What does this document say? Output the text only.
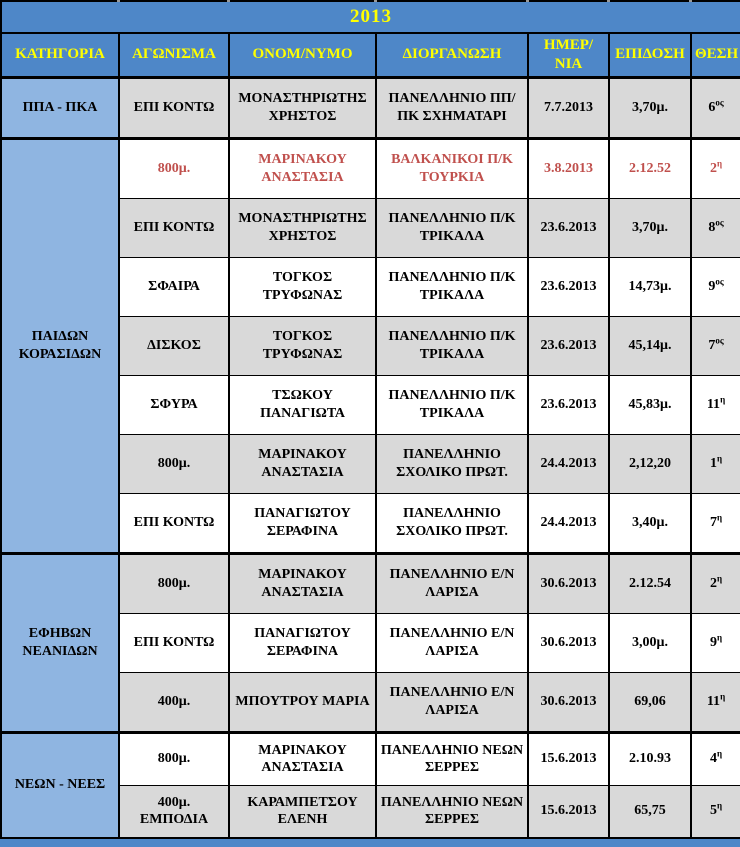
2013						
ΚΑΤΗΓΟΡΙΑ	ΑΓΩΝΙΣΜΑ	ΟΝΟΜ/ΝΥΜΟ	ΔΙΟΡΓΑΝΩΣΗ	ΗΜΕΡ/ΝΙΑ	ΕΠΙΔΟΣΗ	ΘΕΣΗ
ΠΠΑ - ΠΚΑ	ΕΠΙ ΚΟΝΤΩ	ΜΟΝΑΣΤΗΡΙΩΤΗΣ ΧΡΗΣΤΟΣ	ΠΑΝΕΛΛΗΝΙΟ ΠΠ/ΠΚ ΣΧΗΜΑΤΑΡΙ	7.7.2013	3,70μ.	$6^{o\varsigma}$
ΠΑΙΔΩΝ ΚΟΡΑΣΙΔΩΝ	800μ.	ΜΑΡΙΝΑΚΟΥ ΑΝΑΣΤΑΣΙΑ	ΒΑΛΚΑΝΙΚΟΙ Π/Κ ΤΟΥΡΚΙΑ	3.8.2013	2.12.52	$2^\eta$
	ΕΠΙ ΚΟΝΤΩ	ΜΟΝΑΣΤΗΡΙΩΤΗΣ ΧΡΗΣΤΟΣ	ΠΑΝΕΛΛΗΝΙΟ Π/Κ ΤΡΙΚΑΛΑ	23.6.2013	3,70μ.	$8^{o\varsigma}$
	ΣΦΑΙΡΑ	ΤΟΓΚΟΣ ΤΡΥΦΩΝΑΣ	ΠΑΝΕΛΛΗΝΙΟ Π/Κ ΤΡΙΚΑΛΑ	23.6.2013	14,73μ.	$9^{o\varsigma}$
	ΔΙΣΚΟΣ	ΤΟΓΚΟΣ ΤΡΥΦΩΝΑΣ	ΠΑΝΕΛΛΗΝΙΟ Π/Κ ΤΡΙΚΑΛΑ	23.6.2013	45,14μ.	$7^{o\varsigma}$
	ΣΦΥΡΑ	ΤΣΩΚΟΥ ΠΑΝΑΓΙΩΤΑ	ΠΑΝΕΛΛΗΝΙΟ Π/Κ ΤΡΙΚΑΛΑ	23.6.2013	45,83μ.	$11^\eta$
	800μ.	ΜΑΡΙΝΑΚΟΥ ΑΝΑΣΤΑΣΙΑ	ΠΑΝΕΛΛΗΝΙΟ ΣΧΟΛΙΚΟ ΠΡΩΤ.	24.4.2013	2,12,20	$1^\eta$
	ΕΠΙ ΚΟΝΤΩ	ΠΑΝΑΓΙΩΤΟΥ ΣΕΡΑΦΙΝΑ	ΠΑΝΕΛΛΗΝΙΟ ΣΧΟΛΙΚΟ ΠΡΩΤ.	24.4.2013	3,40μ.	$7^\eta$
ΕΦΗΒΩΝ ΝΕΑΝΙΔΩΝ	800μ.	ΜΑΡΙΝΑΚΟΥ ΑΝΑΣΤΑΣΙΑ	ΠΑΝΕΛΛΗΝΙΟ Ε/Ν ΛΑΡΙΣΑ	30.6.2013	2.12.54	$2^\eta$
	ΕΠΙ ΚΟΝΤΩ	ΠΑΝΑΓΙΩΤΟΥ ΣΕΡΑΦΙΝΑ	ΠΑΝΕΛΛΗΝΙΟ Ε/Ν ΛΑΡΙΣΑ	30.6.2013	3,00μ.	$9^\eta$
	400μ.	ΜΠΟΥΤΡΟΥ ΜΑΡΙΑ	ΠΑΝΕΛΛΗΝΙΟ Ε/Ν ΛΑΡΙΣΑ	30.6.2013	69,06	$11^\eta$
ΝΕΩΝ - ΝΕΕΣ	800μ.	ΜΑΡΙΝΑΚΟΥ ΑΝΑΣΤΑΣΙΑ	ΠΑΝΕΛΛΗΝΙΟ ΝΕΩΝ ΣΕΡΡΕΣ	15.6.2013	2.10.93	$4^\eta$
	400μ. ΕΜΠΟΔΙΑ	ΚΑΡΑΜΠΕΤΣΟΥ ΕΛΕΝΗ	ΠΑΝΕΛΛΗΝΙΟ ΝΕΩΝ ΣΕΡΡΕΣ	15.6.2013	65,75	$5^\eta$
